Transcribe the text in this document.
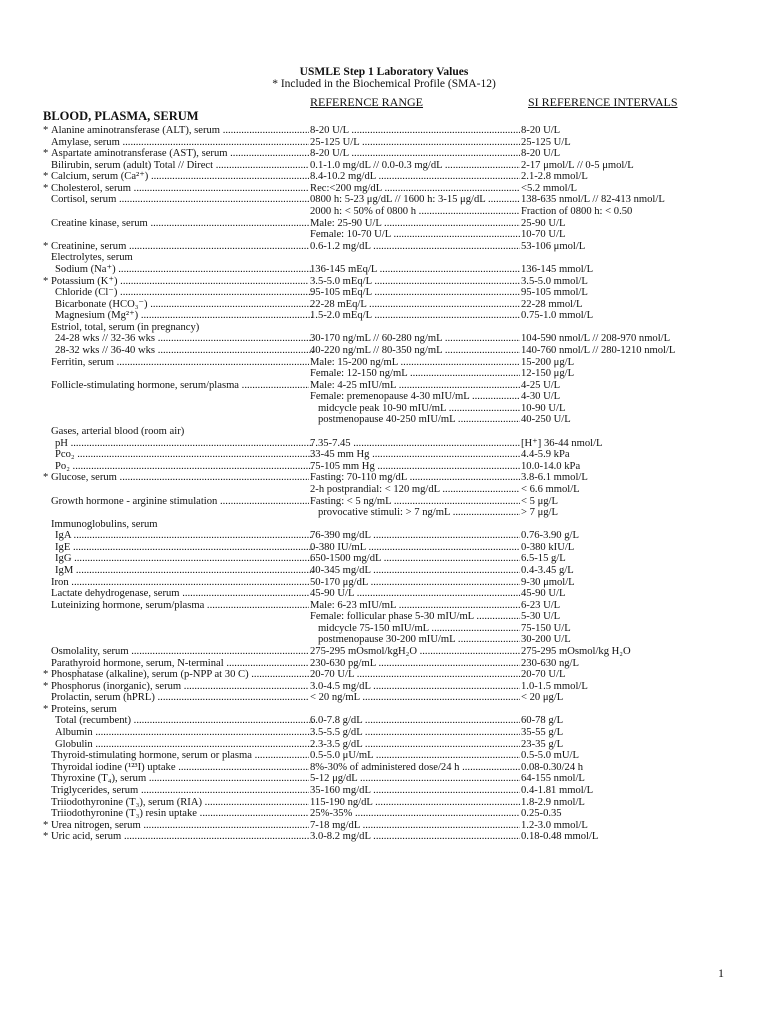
USMLE Step 1 Laboratory Values
* Included in the Biochemical Profile (SMA-12)
REFERENCE RANGE	SI REFERENCE INTERVALS
BLOOD, PLASMA, SERUM
* Alanine aminotransferase (ALT), serum .....	8-20 U/L .....	8-20 U/L
Amylase, serum .....	25-125 U/L .....	25-125 U/L
* Aspartate aminotransferase (AST), serum .....	8-20 U/L .....	8-20 U/L
Bilirubin, serum (adult) Total // Direct .....	0.1-1.0 mg/dL // 0.0-0.3 mg/dL .....	2-17 μmol/L // 0-5 μmol/L
* Calcium, serum (Ca²⁺) .....	8.4-10.2 mg/dL .....	2.1-2.8 mmol/L
* Cholesterol, serum .....	Rec:<200 mg/dL .....	<5.2 mmol/L
Cortisol, serum .....	0800 h: 5-23 μg/dL // 1600 h: 3-15 μg/dL .....	138-635 nmol/L // 82-413 nmol/L
2000 h: < 50% of 0800 h .....	Fraction of 0800 h: < 0.50
Creatine kinase, serum .....	Male: 25-90 U/L .....	25-90 U/L
Female: 10-70 U/L .....	10-70 U/L
* Creatinine, serum .....	0.6-1.2 mg/dL .....	53-106 μmol/L
Electrolytes, serum
Sodium (Na⁺) .....	136-145 mEq/L .....	136-145 mmol/L
* Potassium (K⁺) .....	3.5-5.0 mEq/L .....	3.5-5.0 mmol/L
Chloride (Cl⁻) .....	95-105 mEq/L .....	95-105 mmol/L
Bicarbonate (HCO₃⁻) .....	22-28 mEq/L .....	22-28 mmol/L
Magnesium (Mg²⁺) .....	1.5-2.0 mEq/L .....	0.75-1.0 mmol/L
Estriol, total, serum (in pregnancy)
24-28 wks // 32-36 wks .....	30-170 ng/mL // 60-280 ng/mL .....	104-590 nmol/L // 208-970 nmol/L
28-32 wks // 36-40 wks .....	40-220 ng/mL // 80-350 ng/mL .....	140-760 nmol/L // 280-1210 nmol/L
Ferritin, serum .....	Male: 15-200 ng/mL .....	15-200 μg/L
Female: 12-150 ng/mL .....	12-150 μg/L
Follicle-stimulating hormone, serum/plasma .....	Male: 4-25 mIU/mL .....	4-25 U/L
Female: premenopause 4-30 mIU/mL .....	4-30 U/L
midcycle peak 10-90 mIU/mL .....	10-90 U/L
postmenopause 40-250 mIU/mL .....	40-250 U/L
Gases, arterial blood (room air)
pH .....	7.35-7.45 .....	[H⁺] 36-44 nmol/L
Pco₂ .....	33-45 mm Hg .....	4.4-5.9 kPa
Po₂ .....	75-105 mm Hg .....	10.0-14.0 kPa
* Glucose, serum .....	Fasting: 70-110 mg/dL .....	3.8-6.1 mmol/L
2-h postprandial: < 120 mg/dL .....	< 6.6 mmol/L
Growth hormone - arginine stimulation .....	Fasting: < 5 ng/mL .....	< 5 μg/L
provocative stimuli: > 7 ng/mL .....	> 7 μg/L
Immunoglobulins, serum
IgA .....	76-390 mg/dL .....	0.76-3.90 g/L
IgE .....	0-380 IU/mL .....	0-380 kIU/L
IgG .....	650-1500 mg/dL .....	6.5-15 g/L
IgM .....	40-345 mg/dL .....	0.4-3.45 g/L
Iron .....	50-170 μg/dL .....	9-30 μmol/L
Lactate dehydrogenase, serum .....	45-90 U/L .....	45-90 U/L
Luteinizing hormone, serum/plasma .....	Male: 6-23 mIU/mL .....	6-23 U/L
Female: follicular phase 5-30 mIU/mL .....	5-30 U/L
midcycle 75-150 mIU/mL .....	75-150 U/L
postmenopause 30-200 mIU/mL .....	30-200 U/L
Osmolality, serum .....	275-295 mOsmol/kgH₂O .....	275-295 mOsmol/kg H₂O
Parathyroid hormone, serum, N-terminal .....	230-630 pg/mL .....	230-630 ng/L
* Phosphatase (alkaline), serum (p-NPP at 30 C) .....	20-70 U/L .....	20-70 U/L
* Phosphorus (inorganic), serum .....	3.0-4.5 mg/dL .....	1.0-1.5 mmol/L
Prolactin, serum (hPRL) .....	< 20 ng/mL .....	< 20 μg/L
* Proteins, serum
Total (recumbent) .....	6.0-7.8 g/dL .....	60-78 g/L
Albumin .....	3.5-5.5 g/dL .....	35-55 g/L
Globulin .....	2.3-3.5 g/dL .....	23-35 g/L
Thyroid-stimulating hormone, serum or plasma .....	0.5-5.0 μU/mL .....	0.5-5.0 mU/L
Thyroidal iodine (¹²³I) uptake .....	8%-30% of administered dose/24 h .....	0.08-0.30/24 h
Thyroxine (T₄), serum .....	5-12 μg/dL .....	64-155 nmol/L
Triglycerides, serum .....	35-160 mg/dL .....	0.4-1.81 mmol/L
Triiodothyronine (T₃), serum (RIA) .....	115-190 ng/dL .....	1.8-2.9 nmol/L
Triiodothyronine (T₃) resin uptake .....	25%-35% .....	0.25-0.35
* Urea nitrogen, serum .....	7-18 mg/dL .....	1.2-3.0 mmol/L
* Uric acid, serum .....	3.0-8.2 mg/dL .....	0.18-0.48 mmol/L
1
